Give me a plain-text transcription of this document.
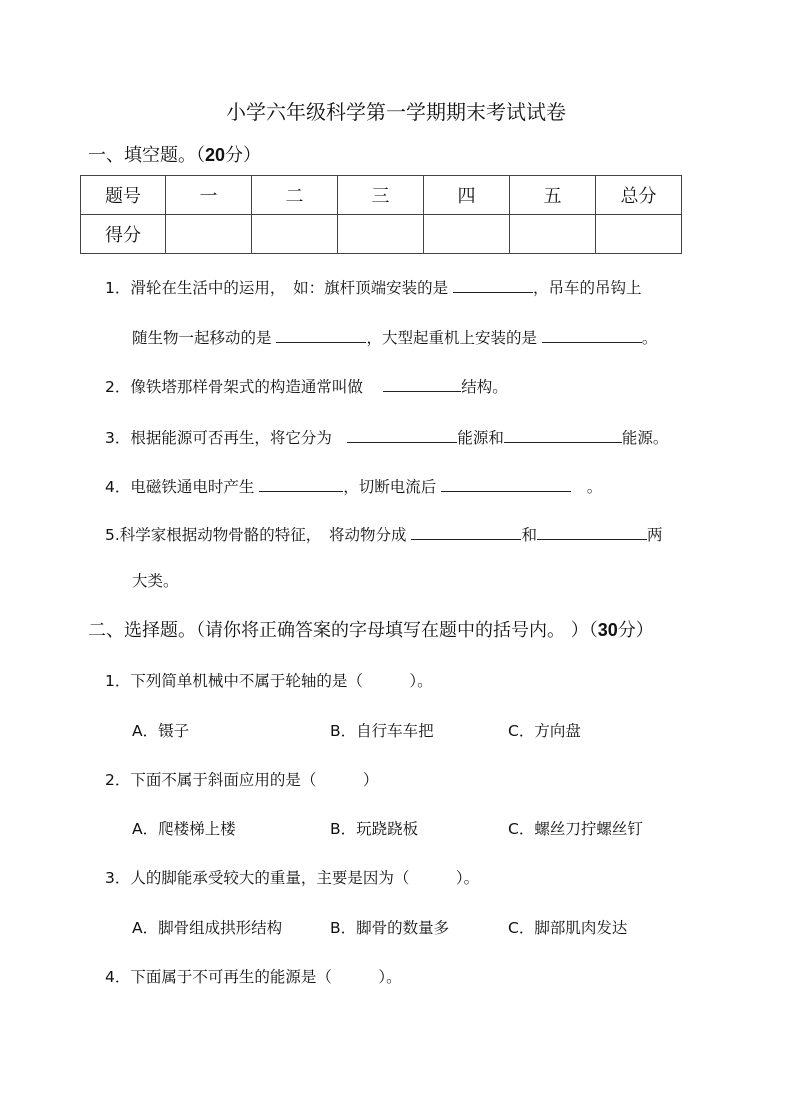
小学六年级科学第一学期期末考试试卷
一、填空题。（20分）
题号	一	二	三	四	五	总分
得分						
1．滑轮在生活中的运用，　如：旗杆顶端安装的是	，吊车的吊钩上
随生物一起移动的是	，大型起重机上安装的是	。
2．像铁塔那样骨架式的构造通常叫做　	结构。
3．根据能源可否再生，将它分为　	能源和	能源。
4．电磁铁通电时产生	，切断电流后	　。
5.科学家根据动物骨骼的特征，　将动物分成	和	两
大类。
二、选择题。（请你将正确答案的字母填写在题中的括号内。 ）（30分）
1．下列简单机械中不属于轮轴的是（　　　）。
A．镊子	B．自行车车把	C．方向盘
2．下面不属于斜面应用的是（　　　）
A．爬楼梯上楼	B．玩跷跷板	C．螺丝刀拧螺丝钉
3．人的脚能承受较大的重量，主要是因为（　　　）。
A．脚骨组成拱形结构	B．脚骨的数量多	C．脚部肌肉发达
4．下面属于不可再生的能源是（　　　）。
